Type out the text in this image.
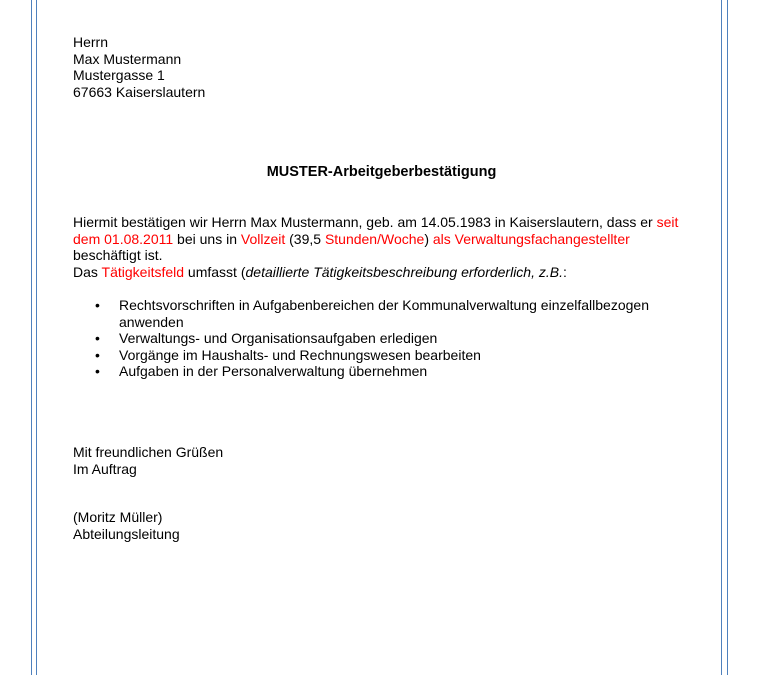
Herrn
Max Mustermann
Mustergasse 1
67663 Kaiserslautern
MUSTER-Arbeitgeberbestätigung
Hiermit bestätigen wir Herrn Max Mustermann, geb. am 14.05.1983 in Kaiserslautern, dass er seit
dem 01.08.2011 bei uns in Vollzeit (39,5 Stunden/Woche) als Verwaltungsfachangestellter
beschäftigt ist.
Das Tätigkeitsfeld umfasst (detaillierte Tätigkeitsbeschreibung erforderlich, z.B.:
• Rechtsvorschriften in Aufgabenbereichen der Kommunalverwaltung einzelfallbezogen anwenden
• Verwaltungs- und Organisationsaufgaben erledigen
• Vorgänge im Haushalts- und Rechnungswesen bearbeiten
• Aufgaben in der Personalverwaltung übernehmen
Mit freundlichen Grüßen
Im Auftrag
(Moritz Müller)
Abteilungsleitung
